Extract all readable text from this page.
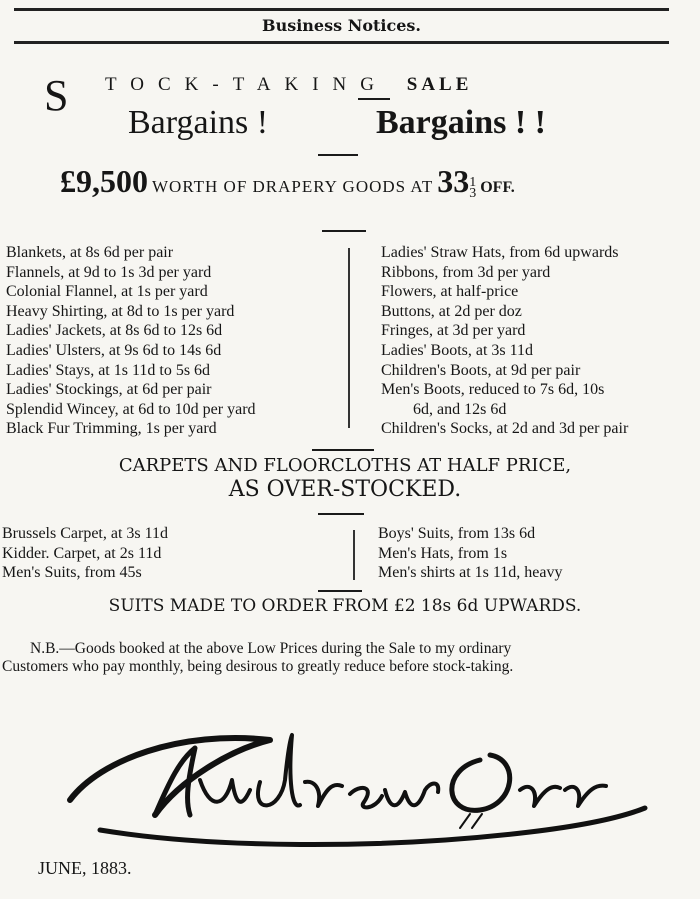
Business Notices.
S TOCK-TAKING SALE
Bargains !	Bargains ! !
£9,500 WORTH OF DRAPERY GOODS AT 331
3 OFF.
Blankets, at 8s 6d per pair
Flannels, at 9d to 1s 3d per yard
Colonial Flannel, at 1s per yard
Heavy Shirting, at 8d to 1s per yard
Ladies' Jackets, at 8s 6d to 12s 6d
Ladies' Ulsters, at 9s 6d to 14s 6d
Ladies' Stays, at 1s 11d to 5s 6d
Ladies' Stockings, at 6d per pair
Splendid Wincey, at 6d to 10d per yard
Black Fur Trimming, 1s per yard
Ladies' Straw Hats, from 6d upwards
Ribbons, from 3d per yard
Flowers, at half-price
Buttons, at 2d per doz
Fringes, at 3d per yard
Ladies' Boots, at 3s 11d
Children's Boots, at 9d per pair
Men's Boots, reduced to 7s 6d, 10s
6d, and 12s 6d
Children's Socks, at 2d and 3d per pair
CARPETS AND FLOORCLOTHS AT HALF PRICE,
AS OVER-STOCKED.
Brussels Carpet, at 3s 11d
Kidder. Carpet, at 2s 11d
Men's Suits, from 45s
Boys' Suits, from 13s 6d
Men's Hats, from 1s
Men's shirts at 1s 11d, heavy
SUITS MADE TO ORDER FROM £2 18s 6d UPWARDS.
N.B.—Goods booked at the above Low Prices during the Sale to my ordinary
Customers who pay monthly, being desirous to greatly reduce before stock-taking.
JUNE, 1883.
